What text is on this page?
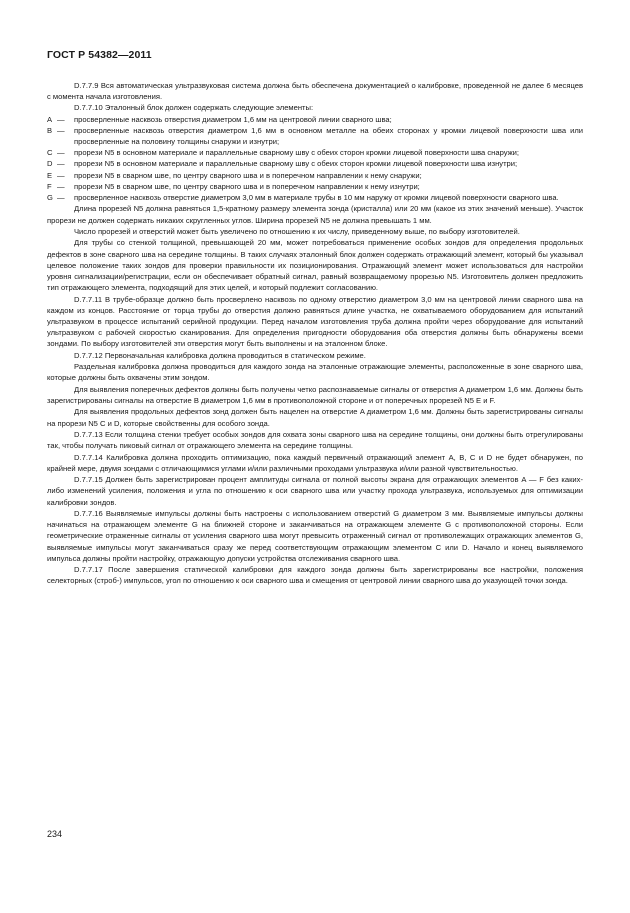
ГОСТ Р 54382—2011

D.7.7.9 Вся автоматическая ультразвуковая система должна быть обеспечена документацией о калибровке, проведенной не далее 6 месяцев с момента начала изготовления.

D.7.7.10 Эталонный блок должен содержать следующие элементы:

A —	просверленные насквозь отверстия диаметром 1,6 мм на центровой линии сварного шва;
B —	просверленные насквозь отверстия диаметром 1,6 мм в основном металле на обеих сторонах у кромки лицевой поверхности шва или просверленные на половину толщины снаружи и изнутри;
C —	прорези N5 в основном материале и параллельные сварному шву с обеих сторон кромки лицевой поверхности шва снаружи;
D —	прорези N5 в основном материале и параллельные сварному шву с обеих сторон кромки лицевой поверхности шва изнутри;
E —	прорези N5 в сварном шве, по центру сварного шва и в поперечном направлении к нему снаружи;
F —	прорези N5 в сварном шве, по центру сварного шва и в поперечном направлении к нему изнутри;
G —	просверленное насквозь отверстие диаметром 3,0 мм в материале трубы в 10 мм наружу от кромки лицевой поверхности сварного шва.

Длина прорезей N5 должна равняться 1,5-кратному размеру элемента зонда (кристалла) или 20 мм (какое из этих значений меньше). Участок прорези не должен содержать никаких скругленных углов. Ширина прорезей N5 не должна превышать 1 мм.

Число прорезей и отверстий может быть увеличено по отношению к их числу, приведенному выше, по выбору изготовителей.

Для трубы со стенкой толщиной, превышающей 20 мм, может потребоваться применение особых зондов для определения продольных дефектов в зоне сварного шва на середине толщины. В таких случаях эталонный блок должен содержать отражающий элемент, который бы указывал целевое положение таких зондов для проверки правильности их позиционирования. Отражающий элемент может использоваться для настройки уровня сигнализации/регистрации, если он обеспечивает обратный сигнал, равный возвращаемому прорезью N5. Изготовитель должен предложить тип отражающего элемента, подходящий для этих целей, и который подлежит согласованию.

D.7.7.11 В трубе-образце должно быть просверлено насквозь по одному отверстию диаметром 3,0 мм на центровой линии сварного шва на каждом из концов. Расстояние от торца трубы до отверстия должно равняться длине участка, не охватываемого оборудованием для испытаний ультразвуком в процессе испытаний серийной продукции. Перед началом изготовления труба должна пройти через оборудование для испытаний ультразвуком с рабочей скоростью сканирования. Для определения пригодности оборудования оба отверстия должны быть обнаружены всеми зондами. По выбору изготовителей эти отверстия могут быть выполнены и на эталонном блоке.

D.7.7.12 Первоначальная калибровка должна проводиться в статическом режиме.

Раздельная калибровка должна проводиться для каждого зонда на эталонные отражающие элементы, расположенные в зоне сварного шва, которые должны быть охвачены этим зондом.

Для выявления поперечных дефектов должны быть получены четко распознаваемые сигналы от отверстия A диаметром 1,6 мм. Должны быть зарегистрированы сигналы на отверстие B диаметром 1,6 мм в противоположной стороне и от поперечных прорезей N5 E и F.

Для выявления продольных дефектов зонд должен быть нацелен на отверстие A диаметром 1,6 мм. Должны быть зарегистрированы сигналы на прорези N5 C и D, которые свойственны для особого зонда.

D.7.7.13 Если толщина стенки требует особых зондов для охвата зоны сварного шва на середине толщины, они должны быть отрегулированы так, чтобы получать пиковый сигнал от отражающего элемента на середине толщины.

D.7.7.14 Калибровка должна проходить оптимизацию, пока каждый первичный отражающий элемент A, B, C и D не будет обнаружен, по крайней мере, двумя зондами с отличающимися углами и/или различными проходами ультразвука и/или разной чувствительностью.

D.7.7.15 Должен быть зарегистрирован процент амплитуды сигнала от полной высоты экрана для отражающих элементов A — F без каких-либо изменений усиления, положения и угла по отношению к оси сварного шва или участку прохода ультразвука, используемых для оптимизации калибровки зондов.

D.7.7.16 Выявляемые импульсы должны быть настроены с использованием отверстий G диаметром 3 мм. Выявляемые импульсы должны начинаться на отражающем элементе G на ближней стороне и заканчиваться на отражающем элементе G с противоположной стороны. Если геометрические отраженные сигналы от усиления сварного шва могут превысить отраженный сигнал от противолежащих отражающих элементов G, выявляемые импульсы могут заканчиваться сразу же перед соответствующим отражающим элементом C или D. Начало и конец выявляемого импульса должны пройти настройку, отражающую допуски устройства отслеживания сварного шва.

D.7.7.17 После завершения статической калибровки для каждого зонда должны быть зарегистрированы все настройки, положения селекторных (строб-) импульсов, угол по отношению к оси сварного шва и смещения от центровой линии сварного шва до указующей точки зонда.

234
